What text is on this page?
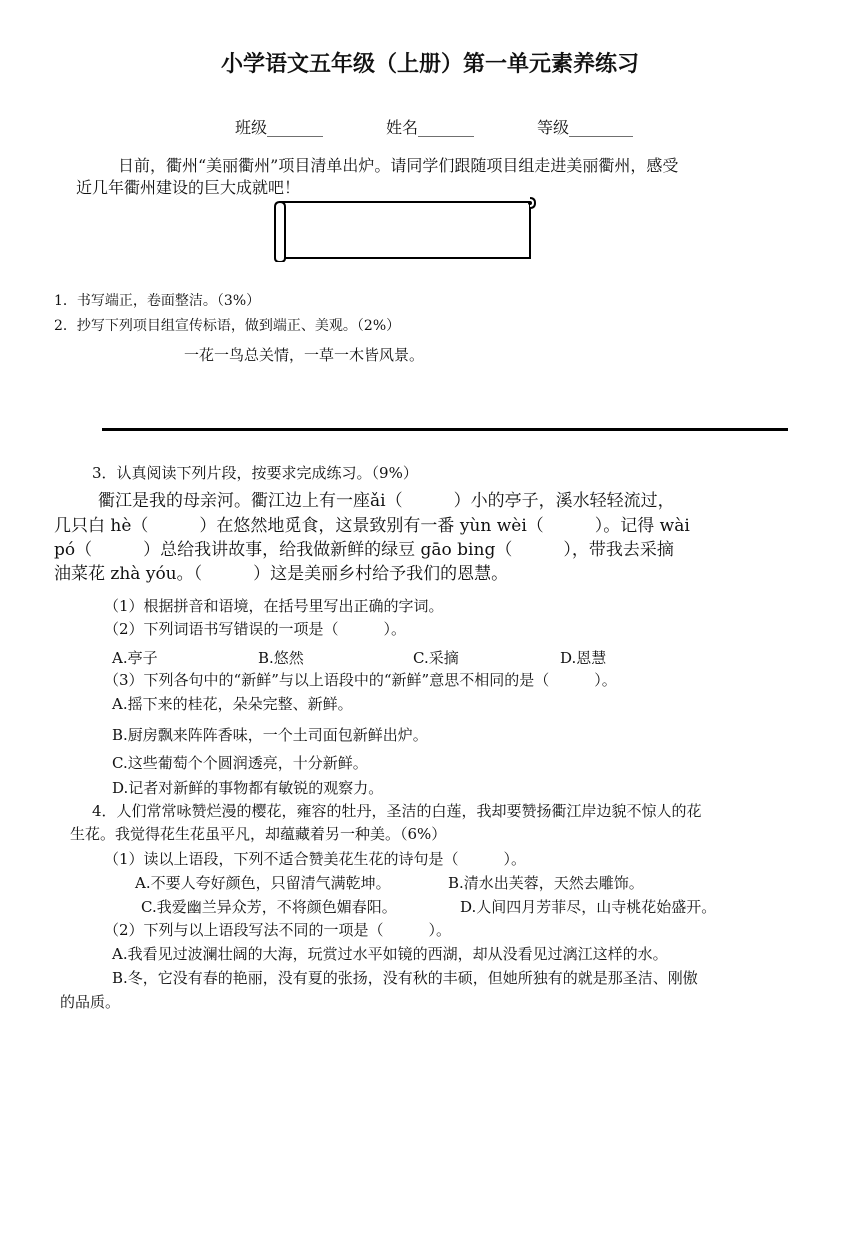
小学语文五年级（上册）第一单元素养练习
班级_______	姓名_______	等级________
日前，衢州“美丽衢州”项目清单出炉。请同学们跟随项目组走进美丽衢州，感受
近几年衢州建设的巨大成就吧！
1．书写端正，卷面整洁。（3%）
2．抄写下列项目组宣传标语，做到端正、美观。（2%）
一花一鸟总关情，一草一木皆风景。
3．认真阅读下列片段，按要求完成练习。（9%）
衢江是我的母亲河。衢江边上有一座ǎi（　　　）小的亭子，溪水轻轻流过，
几只白 hè（　　　）在悠然地觅食，这景致别有一番 yùn wèi（　　　）。记得 wài
pó（　　　）总给我讲故事，给我做新鲜的绿豆 gāo bing（　　　），带我去采摘
油菜花 zhà yóu。（　　　）这是美丽乡村给予我们的恩慧。
（1）根据拼音和语境，在括号里写出正确的字词。
（2）下列词语书写错误的一项是（　　　）。
A.亭子	B.悠然	C.采摘	D.恩慧
（3）下列各句中的“新鲜”与以上语段中的“新鲜”意思不相同的是（　　　）。
A.摇下来的桂花，朵朵完整、新鲜。
B.厨房飘来阵阵香味，一个土司面包新鲜出炉。
C.这些葡萄个个圆润透亮，十分新鲜。
D.记者对新鲜的事物都有敏锐的观察力。
4．人们常常咏赞烂漫的樱花，雍容的牡丹，圣洁的白莲，我却要赞扬衢江岸边貌不惊人的花
生花。我觉得花生花虽平凡，却蕴藏着另一种美。（6%）
（1）读以上语段，下列不适合赞美花生花的诗句是（　　　）。
A.不要人夸好颜色，只留清气满乾坤。	B.清水出芙蓉，天然去雕饰。
C.我爱幽兰异众芳，不将颜色媚春阳。	D.人间四月芳菲尽，山寺桃花始盛开。
（2）下列与以上语段写法不同的一项是（　　　）。
A.我看见过波澜壮阔的大海，玩赏过水平如镜的西湖，却从没看见过漓江这样的水。
B.冬，它没有春的艳丽，没有夏的张扬，没有秋的丰硕，但她所独有的就是那圣洁、刚傲
的品质。
